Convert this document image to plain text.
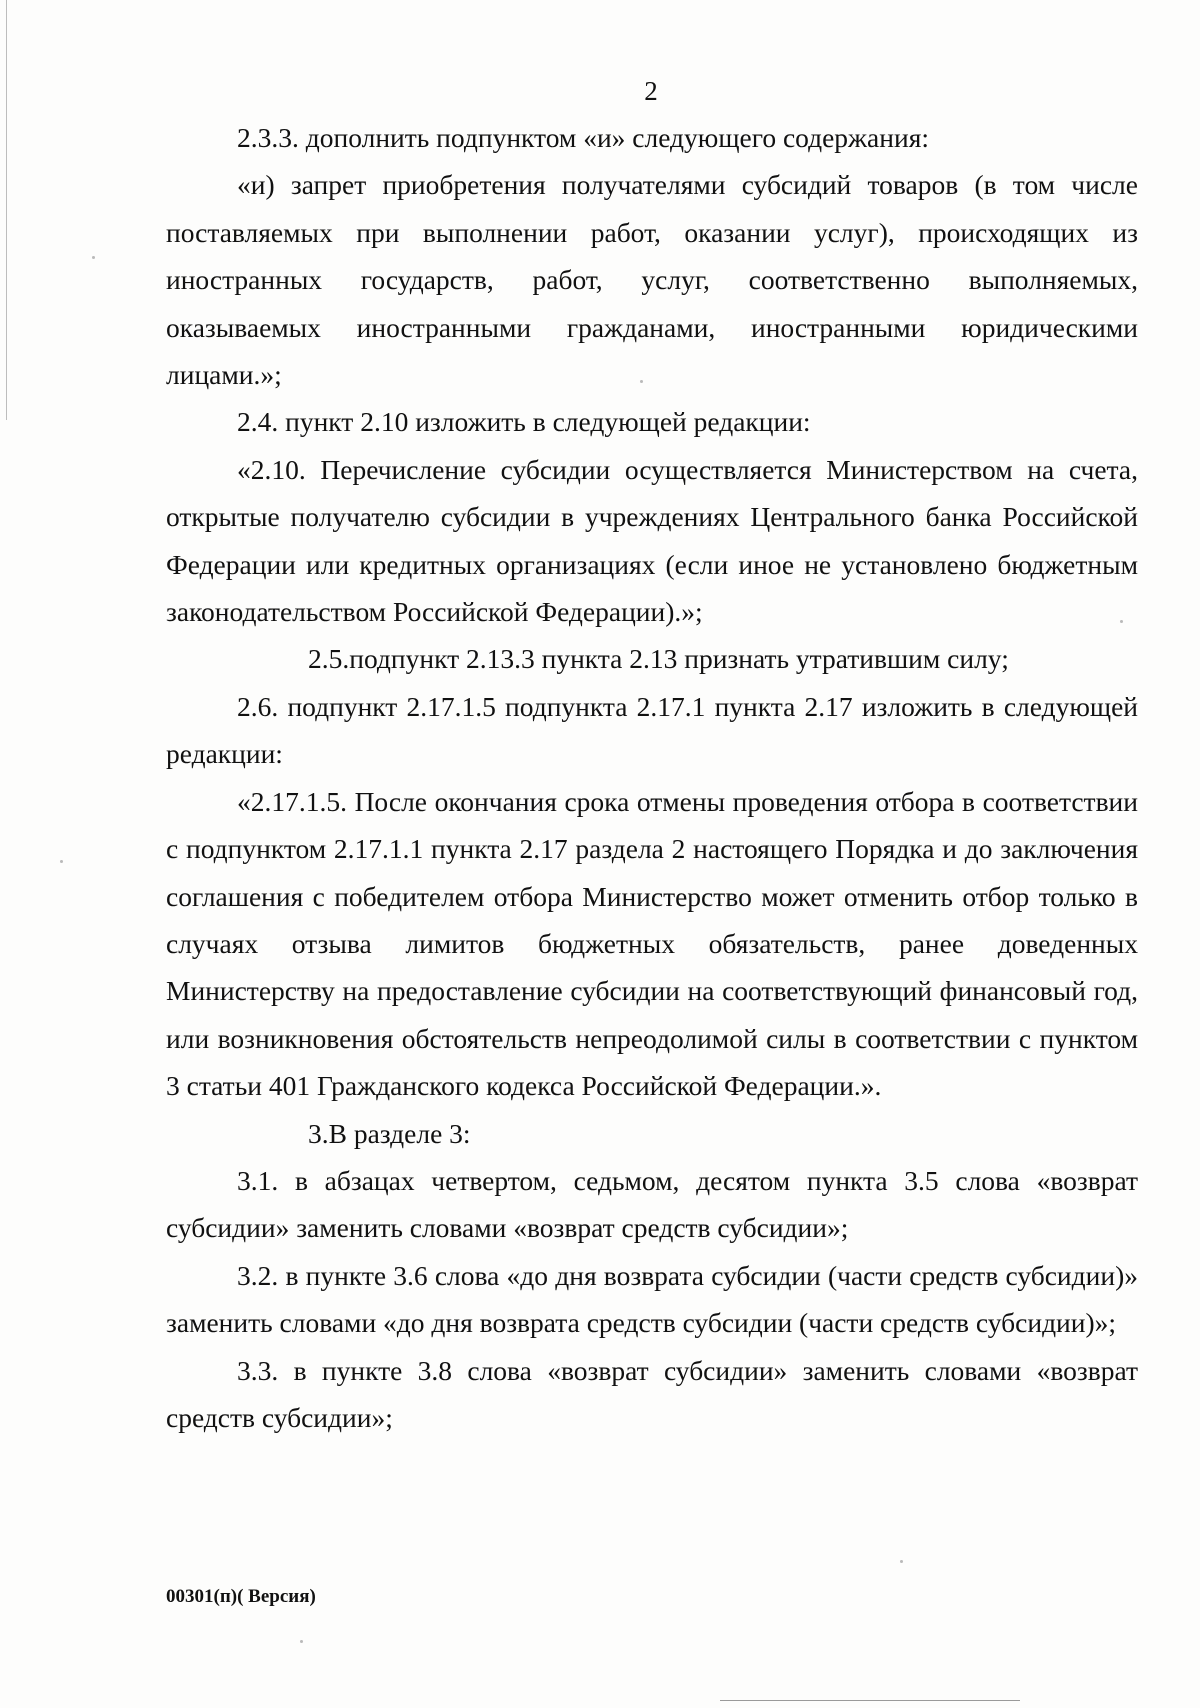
2

2.3.3. дополнить подпунктом «и» следующего содержания:

«и) запрет приобретения получателями субсидий товаров (в том числе поставляемых при выполнении работ, оказании услуг), происходящих из иностранных государств, работ, услуг, соответственно выполняемых, оказываемых иностранными гражданами, иностранными юридическими лицами.»;

2.4. пункт 2.10 изложить в следующей редакции:

«2.10. Перечисление субсидии осуществляется Министерством на счета, открытые получателю субсидии в учреждениях Центрального банка Российской Федерации или кредитных организациях (если иное не установлено бюджетным законодательством Российской Федерации).»;

2.5.подпункт 2.13.3 пункта 2.13 признать утратившим силу;

2.6. подпункт 2.17.1.5 подпункта 2.17.1 пункта 2.17 изложить в следующей редакции:

«2.17.1.5. После окончания срока отмены проведения отбора в соответствии с подпунктом 2.17.1.1 пункта 2.17 раздела 2 настоящего Порядка и до заключения соглашения с победителем отбора Министерство может отменить отбор только в случаях отзыва лимитов бюджетных обязательств, ранее доведенных Министерству на предоставление субсидии на соответствующий финансовый год, или возникновения обстоятельств непреодолимой силы в соответствии с пунктом 3 статьи 401 Гражданского кодекса Российской Федерации.».

3.В разделе 3:

3.1. в абзацах четвертом, седьмом, десятом пункта 3.5 слова «возврат субсидии» заменить словами «возврат средств субсидии»;

3.2. в пункте 3.6 слова «до дня возврата субсидии (части средств субсидии)» заменить словами «до дня возврата средств субсидии (части средств субсидии)»;

3.3. в пункте 3.8 слова «возврат субсидии» заменить словами «возврат средств субсидии»;

00301(п)( Версия)
